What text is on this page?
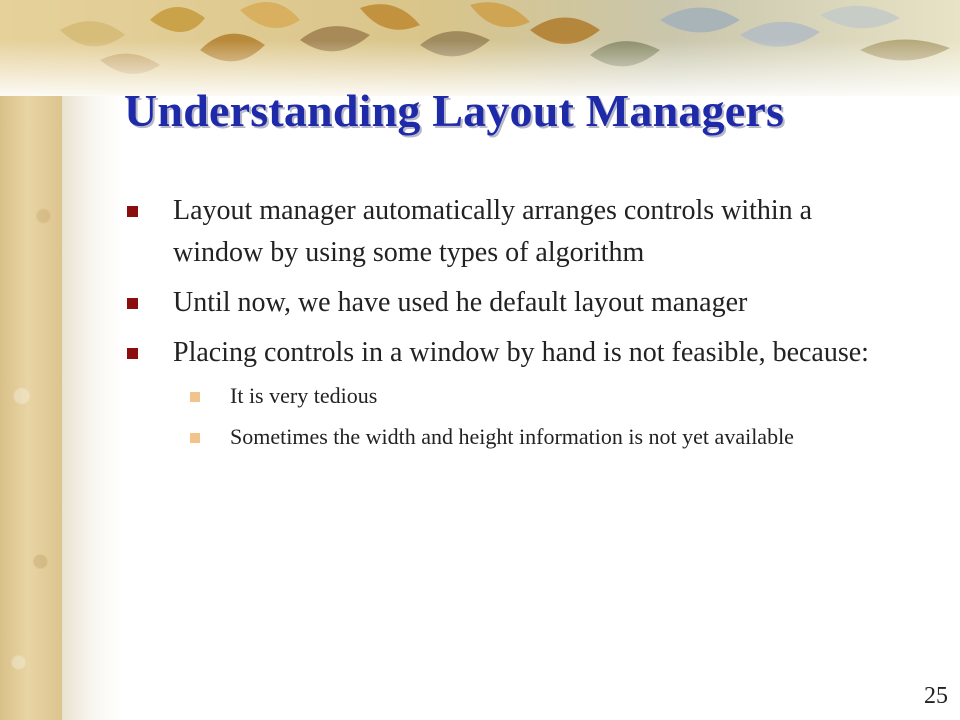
Understanding Layout Managers
Layout manager automatically arranges controls within a window by using some types of algorithm
Until now, we have used he default layout manager
Placing controls in a window by hand is not feasible, because:
It is very tedious
Sometimes the width and height information is not yet available
25
